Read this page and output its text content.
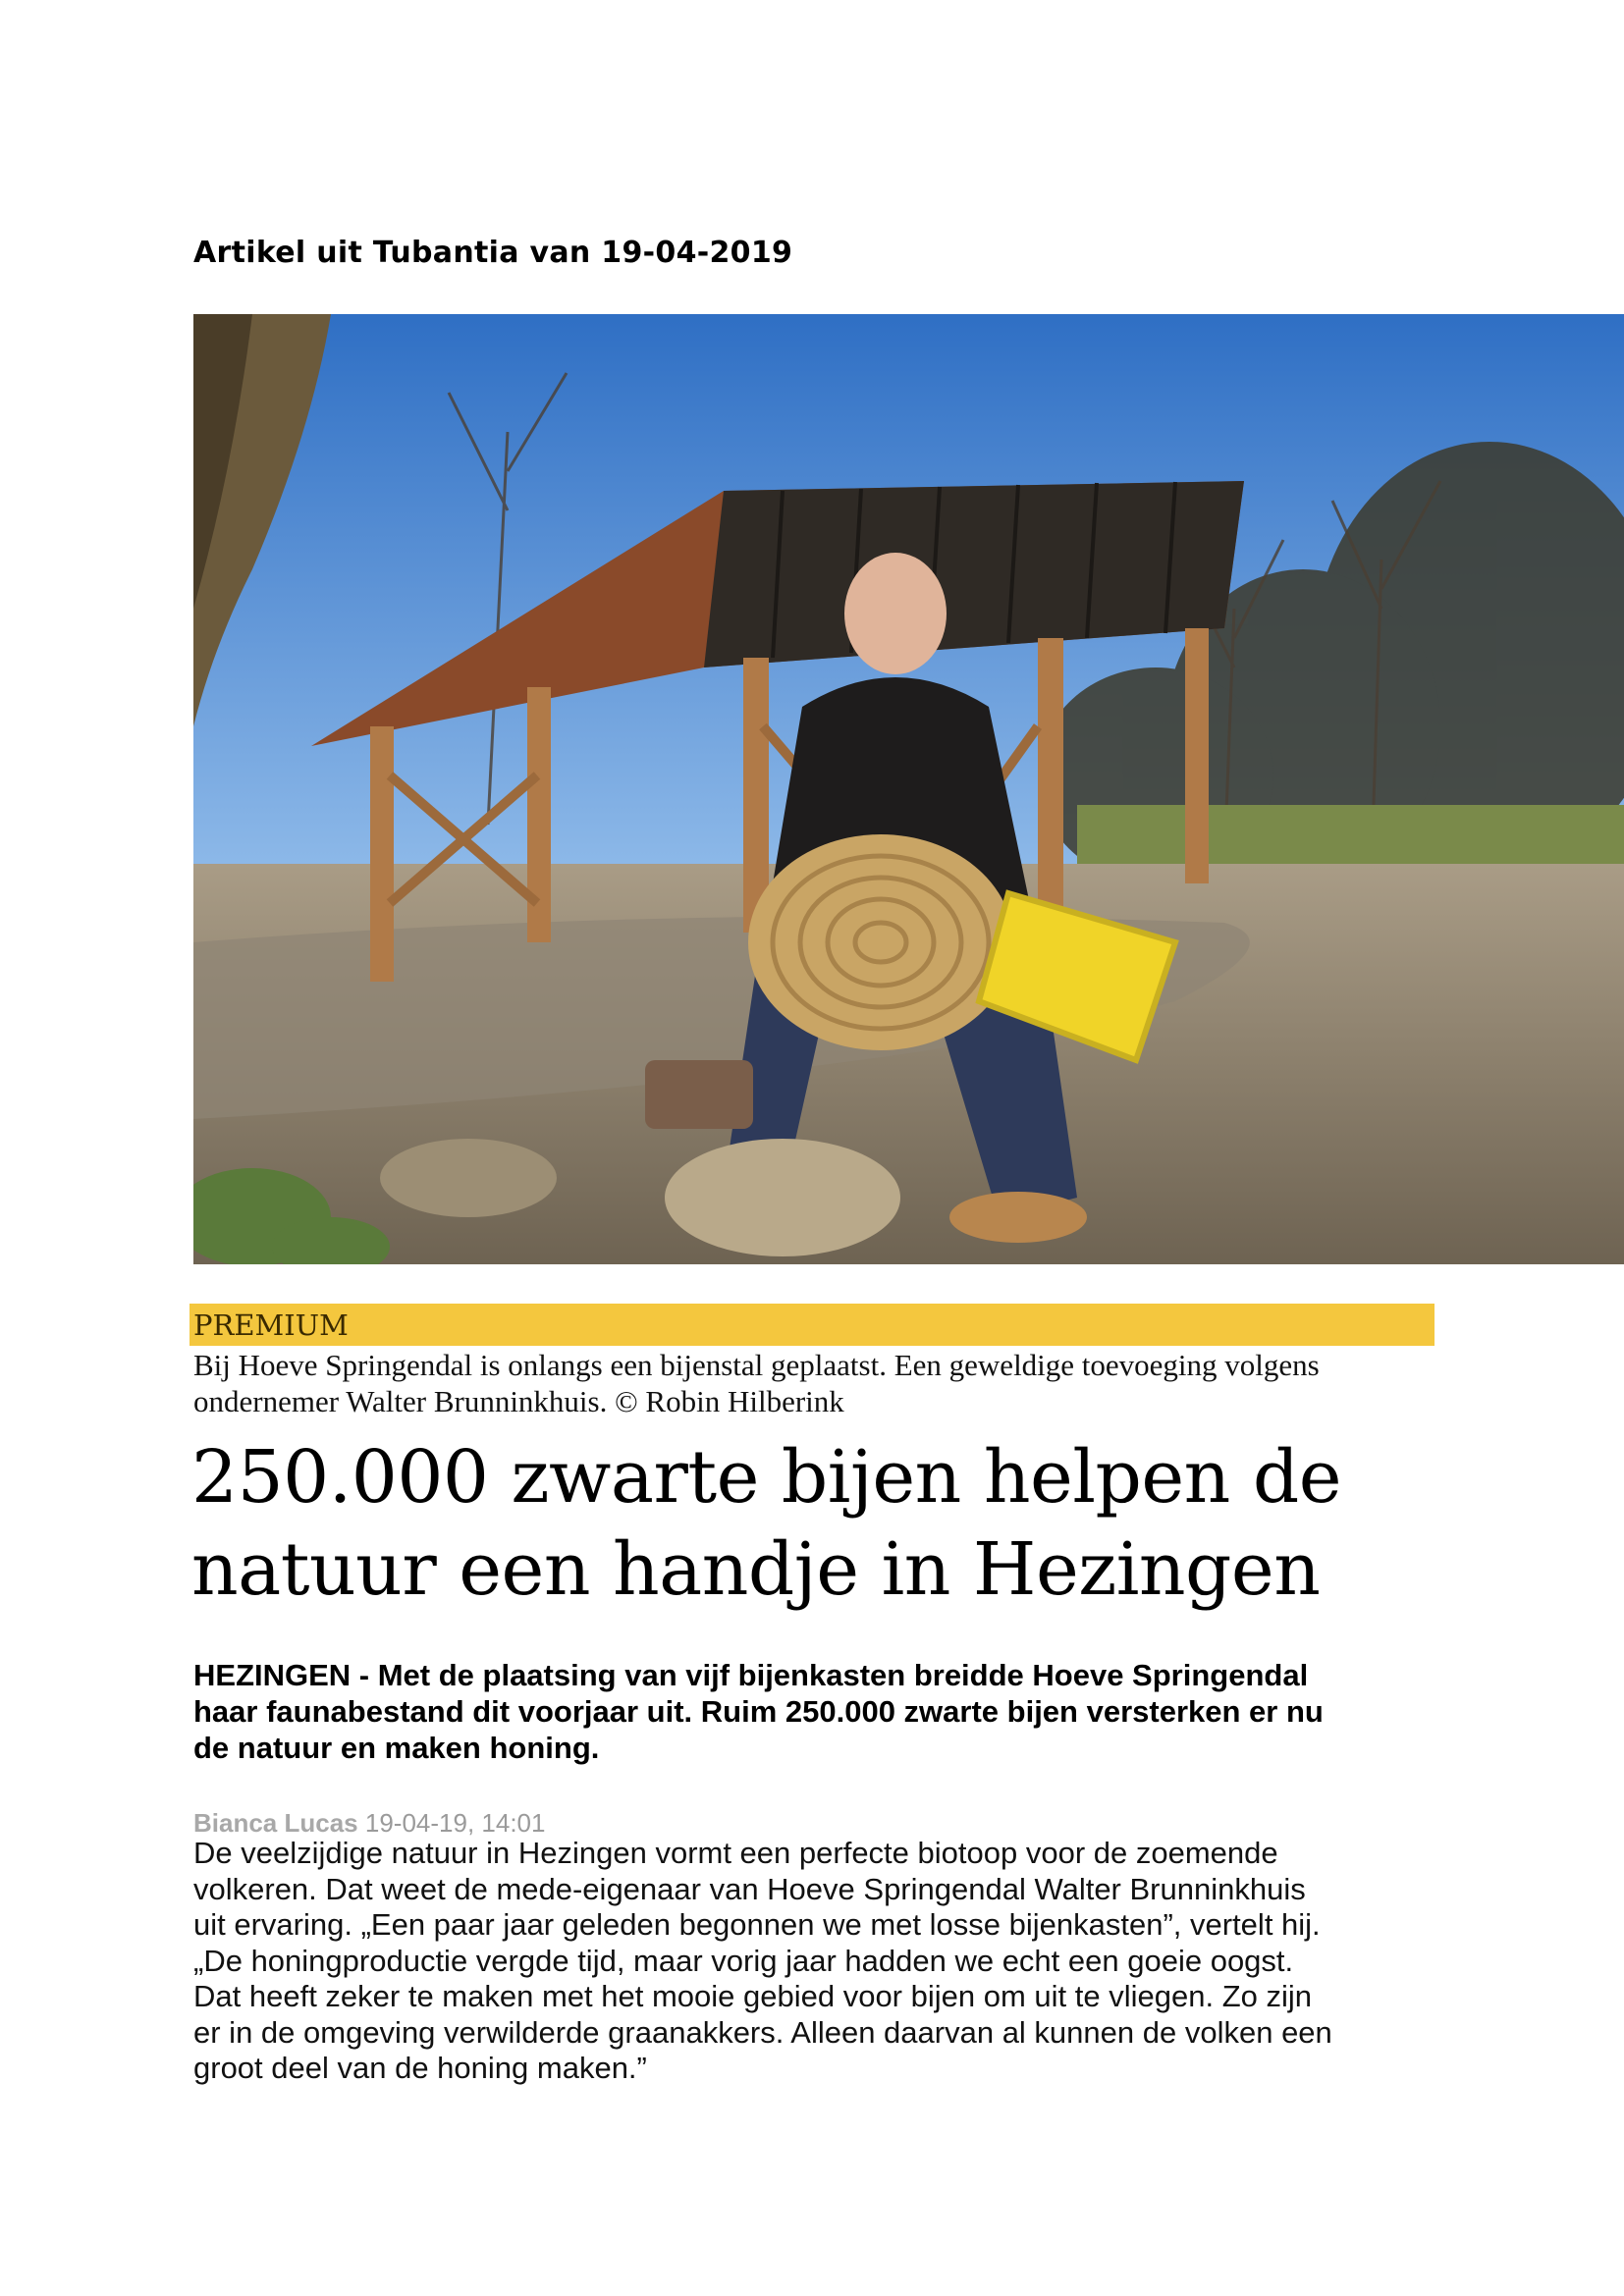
Artikel uit Tubantia van 19-04-2019
PREMIUM
Bij Hoeve Springendal is onlangs een bijenstal geplaatst. Een geweldige toevoeging volgens ondernemer Walter Brunninkhuis. © Robin Hilberink
250.000 zwarte bijen helpen de
natuur een handje in Hezingen

HEZINGEN - Met de plaatsing van vijf bijenkasten breidde Hoeve Springendal
haar faunabestand dit voorjaar uit. Ruim 250.000 zwarte bijen versterken er nu
de natuur en maken honing.

Bianca Lucas 19-04-19, 14:01

De veelzijdige natuur in Hezingen vormt een perfecte biotoop voor de zoemende
volkeren. Dat weet de mede-eigenaar van Hoeve Springendal Walter Brunninkhuis
uit ervaring. „Een paar jaar geleden begonnen we met losse bijenkasten”, vertelt hij.
„De honingproductie vergde tijd, maar vorig jaar hadden we echt een goeie oogst.
Dat heeft zeker te maken met het mooie gebied voor bijen om uit te vliegen. Zo zijn
er in de omgeving verwilderde graanakkers. Alleen daarvan al kunnen de volken een
groot deel van de honing maken.”
